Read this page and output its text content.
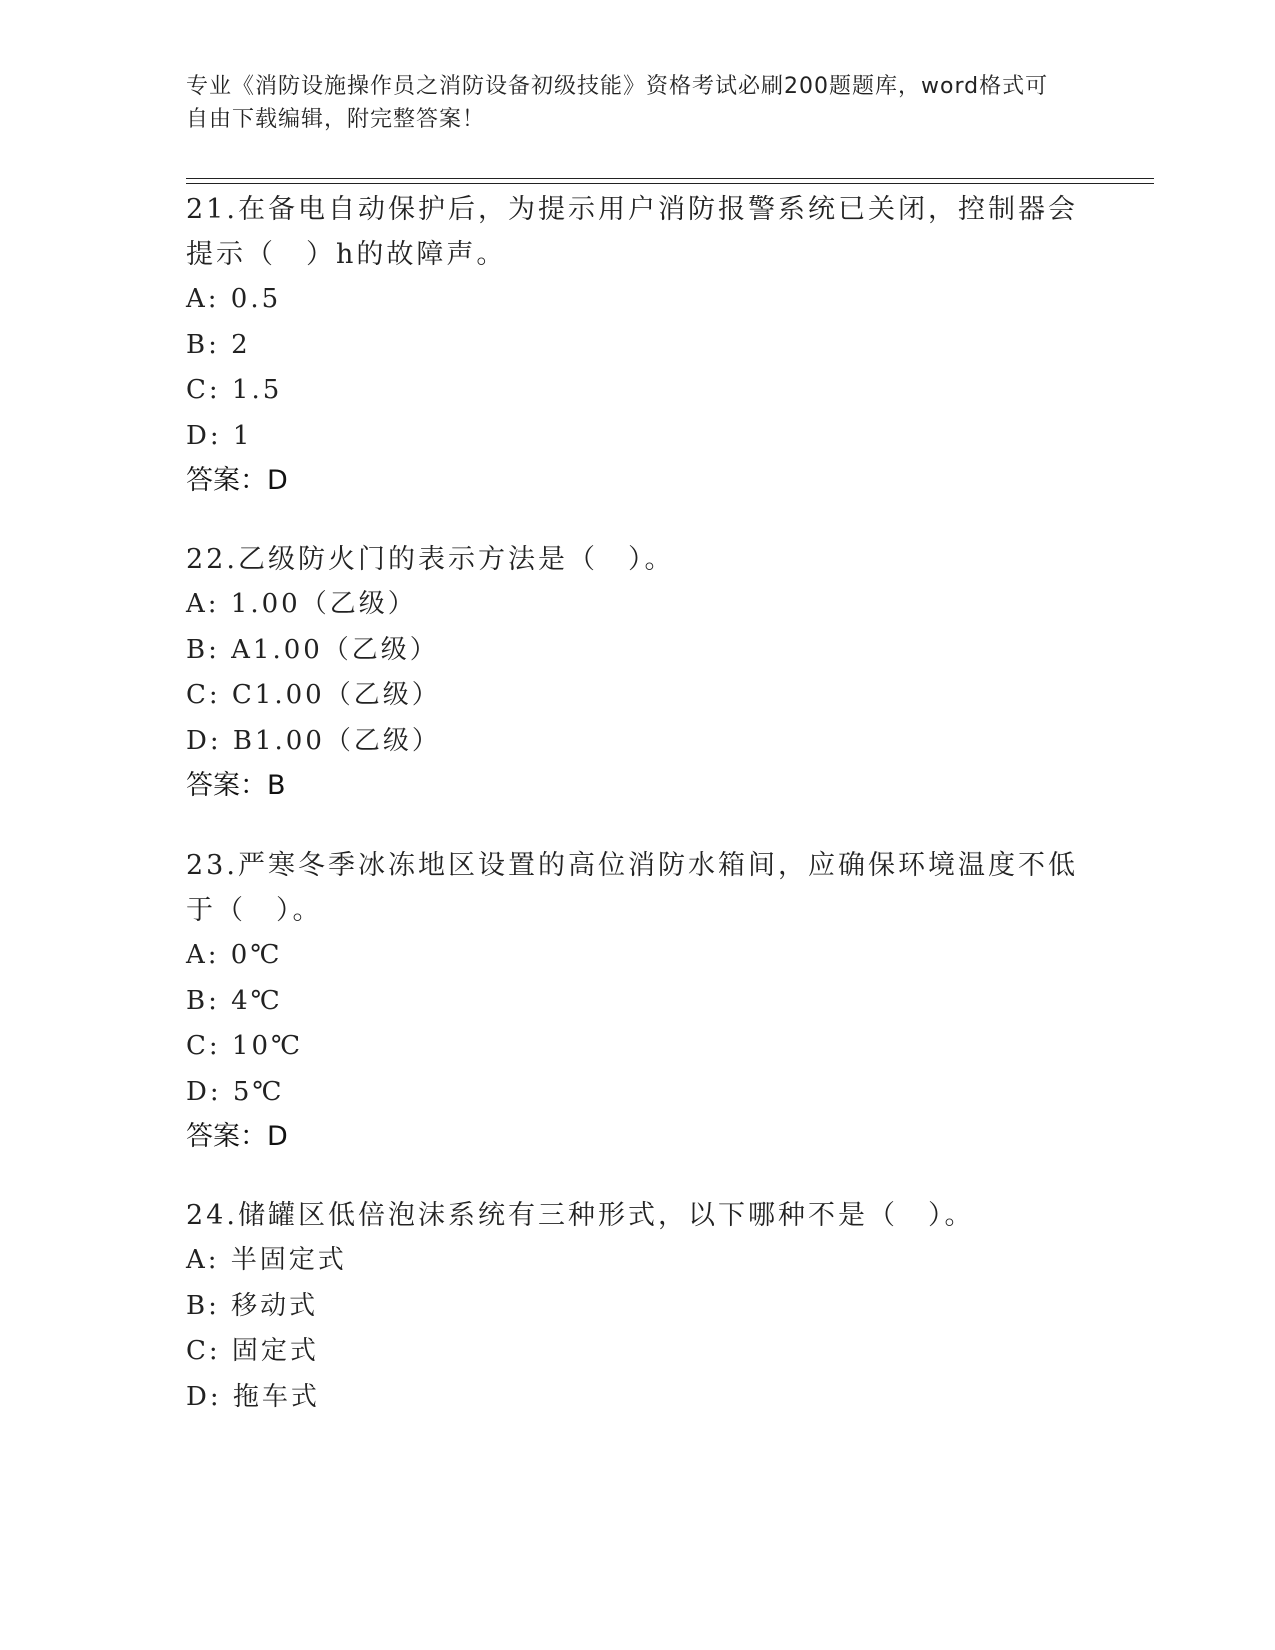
专业《消防设施操作员之消防设备初级技能》资格考试必刷200题题库，word格式可自由下载编辑，附完整答案！

21.在备电自动保护后，为提示用户消防报警系统已关闭，控制器会提示（　）h的故障声。

A: 0.5

B: 2

C: 1.5

D: 1

答案：D

22.乙级防火门的表示方法是（　）。

A: 1.00（乙级）

B: A1.00（乙级）

C: C1.00（乙级）

D: B1.00（乙级）

答案：B

23.严寒冬季冰冻地区设置的高位消防水箱间，应确保环境温度不低于（　）。

A: 0℃

B: 4℃

C: 10℃

D: 5℃

答案：D

24.储罐区低倍泡沫系统有三种形式，以下哪种不是（　）。

A: 半固定式

B: 移动式

C: 固定式

D: 拖车式
